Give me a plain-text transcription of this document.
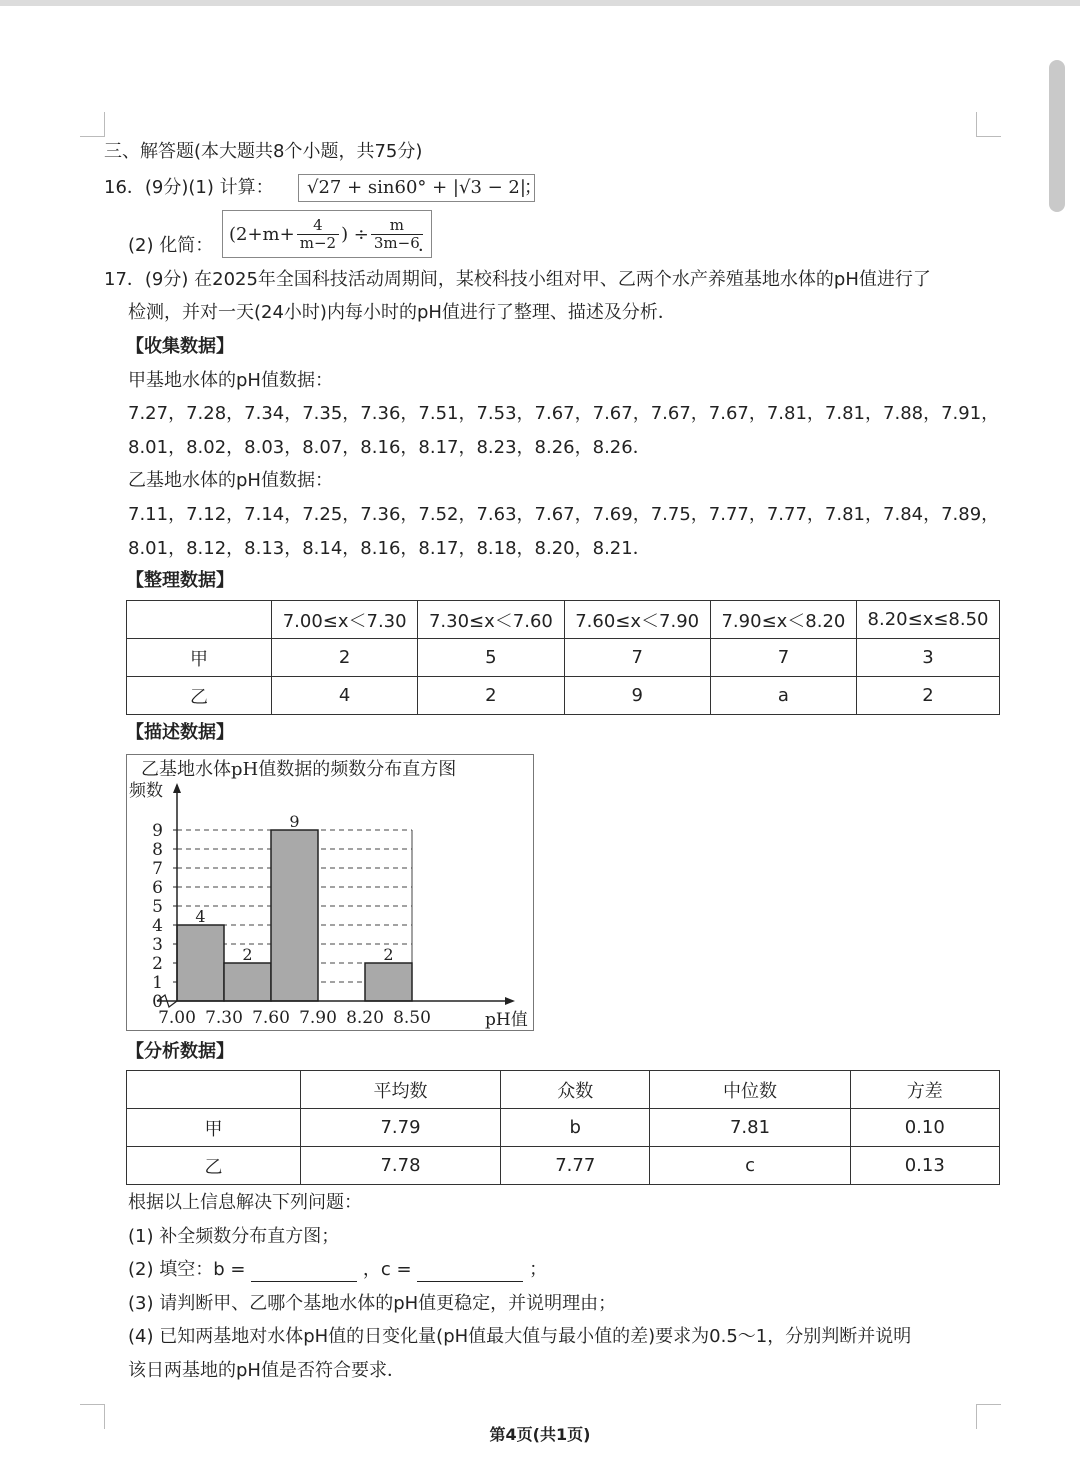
三、解答题(本大题共8个小题，共75分)
16．(9分)(1) 计算：	√27 + sin60° + |√3 − 2|
；
(2) 化简：
($2+m+ \frac{4}{m-2}$ ) ÷ $\frac{m}{3m-6}$
．
17．(9分) 在2025年全国科技活动周期间，某校科技小组对甲、乙两个水产养殖基地水体的pH值进行了
检测，并对一天(24小时)内每小时的pH值进行了整理、描述及分析．
【收集数据】
甲基地水体的pH值数据：
7.27，7.28，7.34，7.35，7.36，7.51，7.53，7.67，7.67，7.67，7.67，7.81，7.81，7.88，7.91，
8.01，8.02，8.03，8.07，8.16，8.17，8.23，8.26，8.26．
乙基地水体的pH值数据：
7.11，7.12，7.14，7.25，7.36，7.52，7.63，7.67，7.69，7.75，7.77，7.77，7.81，7.84，7.89，
8.01，8.12，8.13，8.14，8.16，8.17，8.18，8.20，8.21．
【整理数据】
	7.00≤x＜7.30	7.30≤x＜7.60	7.60≤x＜7.90	7.90≤x＜8.20	8.20≤x≤8.50
甲	2	5	7	7	3
乙	4	2	9	a	2
【描述数据】
乙基地水体pH值数据的频数分布直方图
频数
pH值
4
2
9
2
0
1
2
3
4
5
6
7
8
9
7.00 7.30 7.60 7.90 8.20 8.50
【分析数据】
	平均数	众数	中位数	方差
甲	7.79	b	7.81	0.10
乙	7.78	7.77	c	0.13
根据以上信息解决下列问题：
(1) 补全频数分布直方图；
(2) 填空：b =	，c =	；
(3) 请判断甲、乙哪个基地水体的pH值更稳定，并说明理由；
(4) 已知两基地对水体pH值的日变化量(pH值最大值与最小值的差)要求为0.5～1，分别判断并说明
该日两基地的pH值是否符合要求．
第4页(共1页)
